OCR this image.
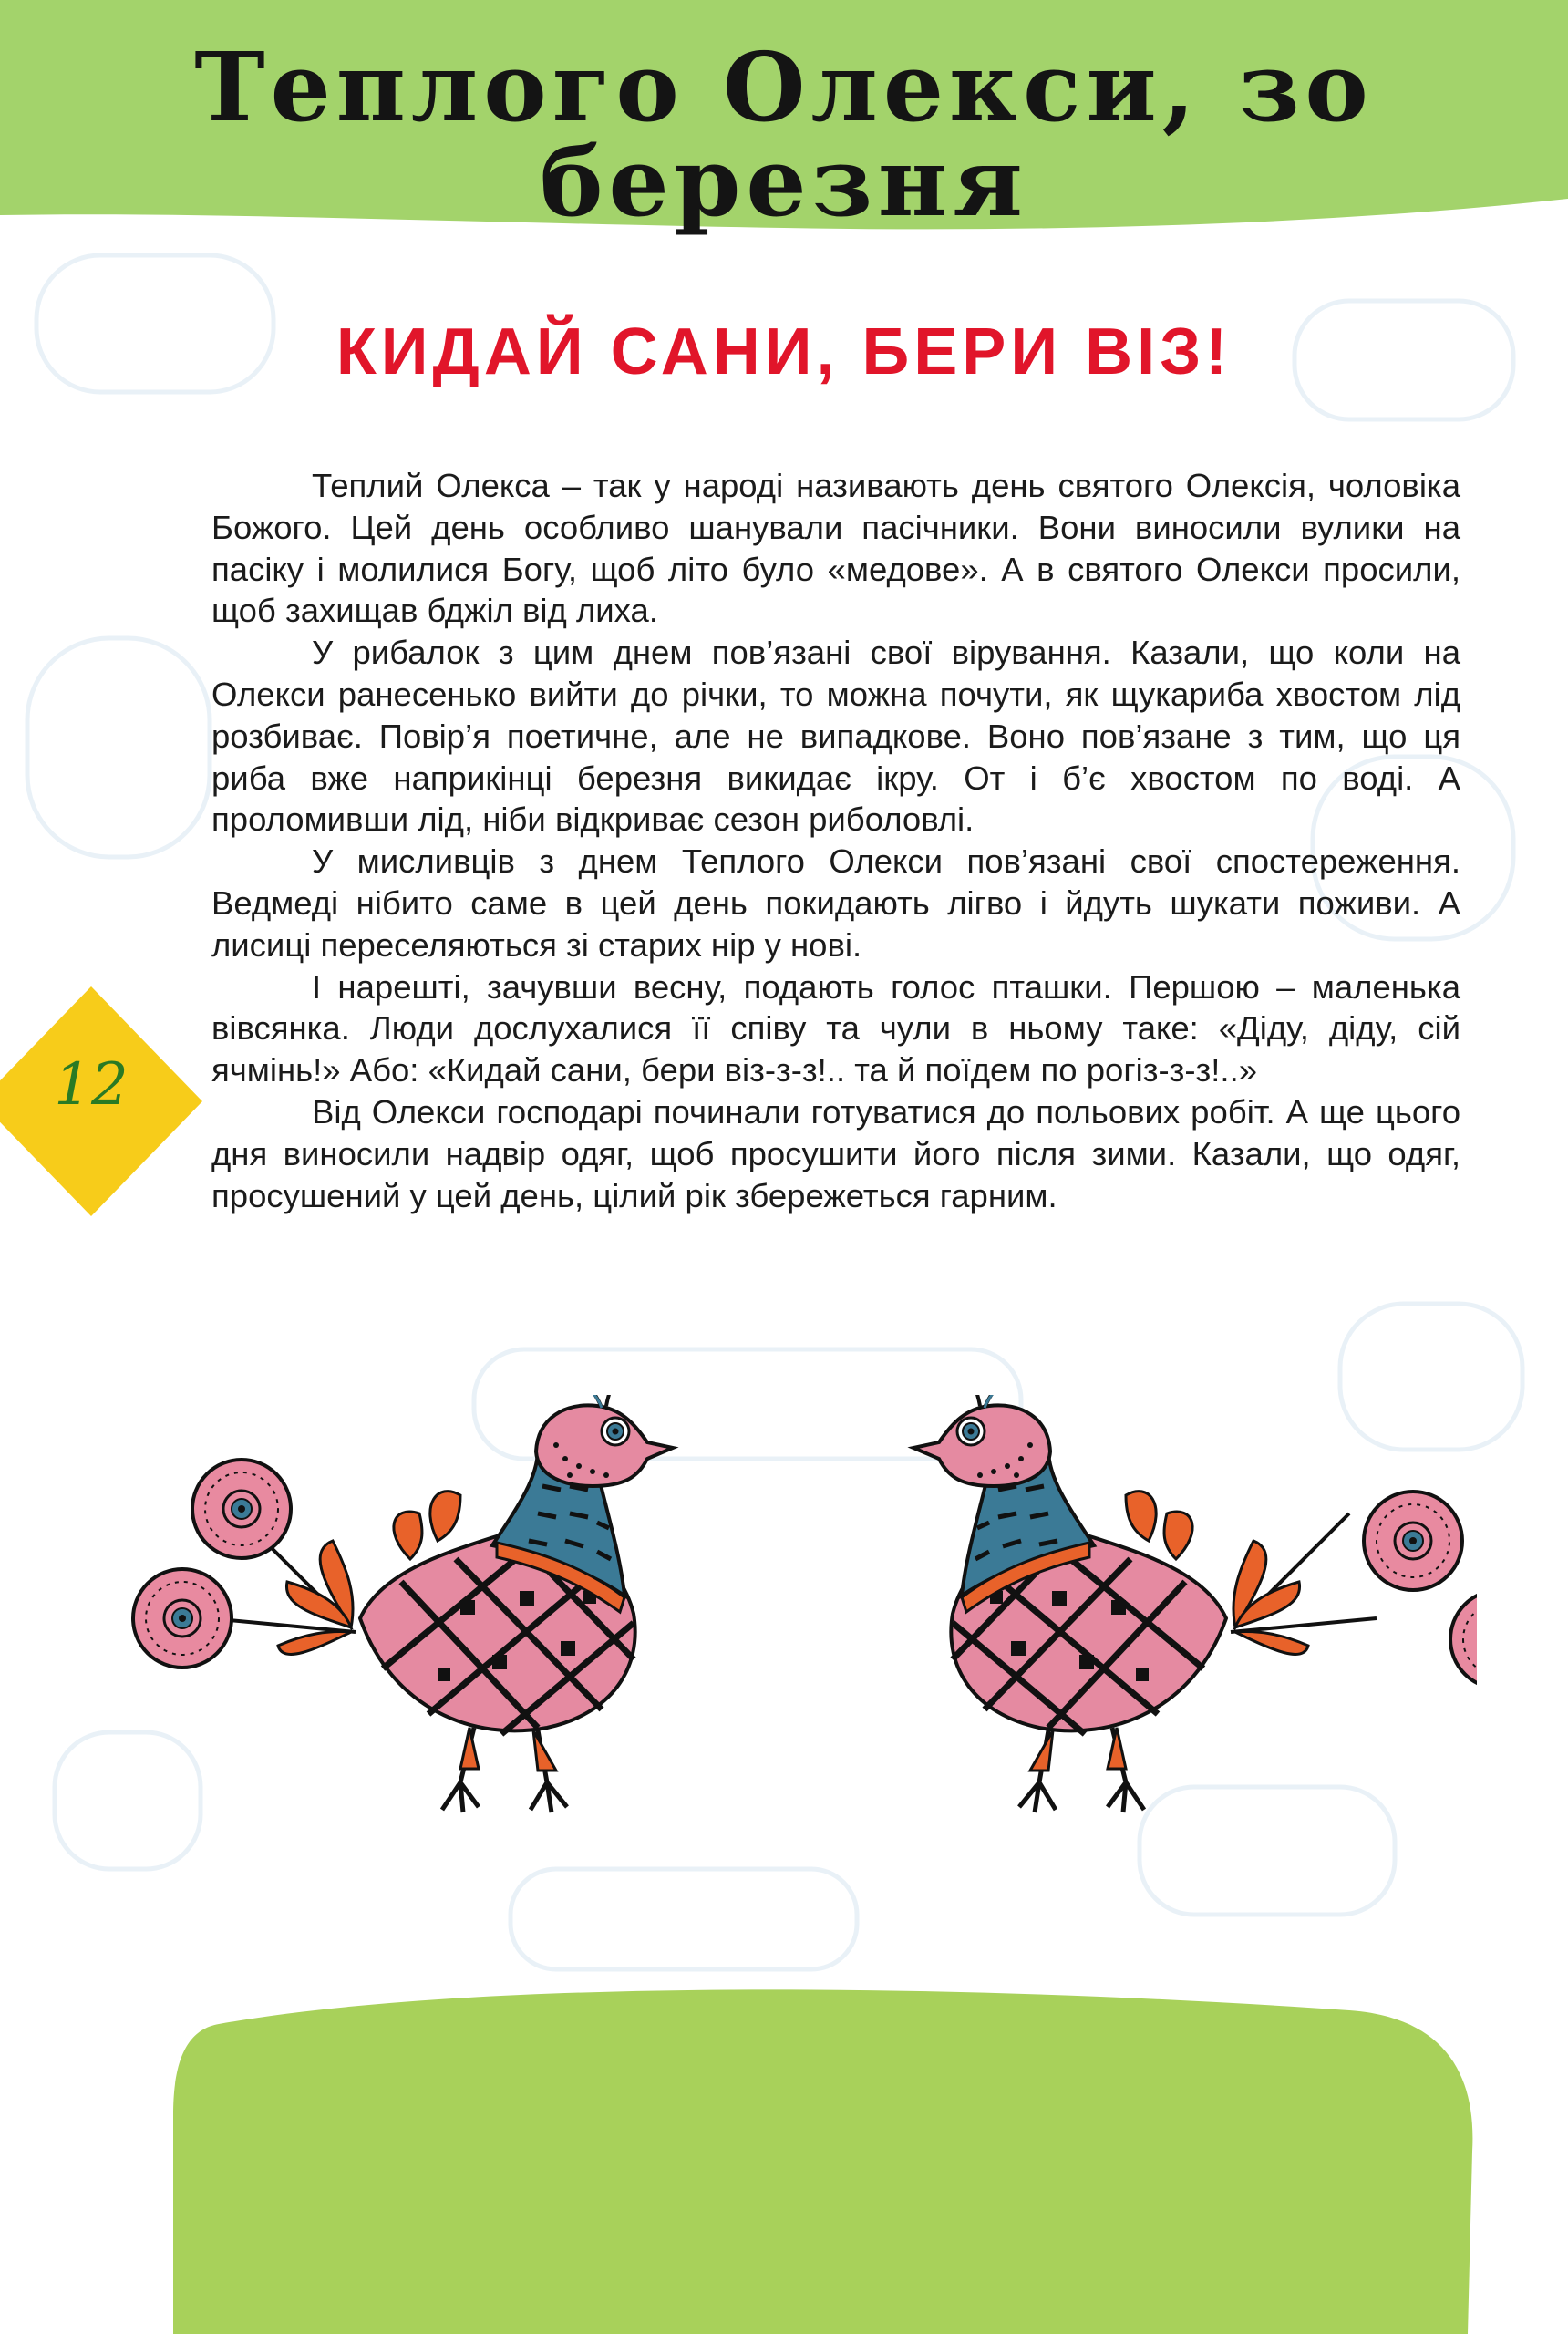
Теплого Олекси, зо березня
КИДАЙ САНИ, БЕРИ ВІЗ!

Теплий Олекса – так у народі називають день святого Олексія, чоловіка Божого. Цей день особливо шанували пасічники. Вони виносили вулики на пасіку і молилися Богу, щоб літо було «медове». А в святого Олекси просили, щоб захищав бджіл від лиха.

У рибалок з цим днем пов’язані свої вірування. Казали, що коли на Олекси ранесенько вийти до річки, то можна почути, як щукариба хвостом лід розбиває. Повір’я поетичне, але не випадкове. Воно пов’язане з тим, що ця риба вже наприкінці березня викидає ікру. От і б’є хвостом по воді. А проломивши лід, ніби відкриває сезон риболовлі.

У мисливців з днем Теплого Олекси пов’язані свої спостереження. Ведмеді нібито саме в цей день покидають лігво і йдуть шукати поживи. А лисиці переселяються зі старих нір у нові.

І нарешті, зачувши весну, подають голос пташки. Першою – маленька вівсянка. Люди дослухалися її співу та чули в ньому таке: «Діду, діду, сій ячмінь!» Або: «Кидай сани, бери віз-з-з!.. та й поїдем по рогіз-з-з!..»

Від Олекси господарі починали готуватися до польових робіт. А ще цього дня виносили надвір одяг, щоб просушити його після зими. Казали, що одяг, просушений у цей день, цілий рік збережеться гарним.

12
